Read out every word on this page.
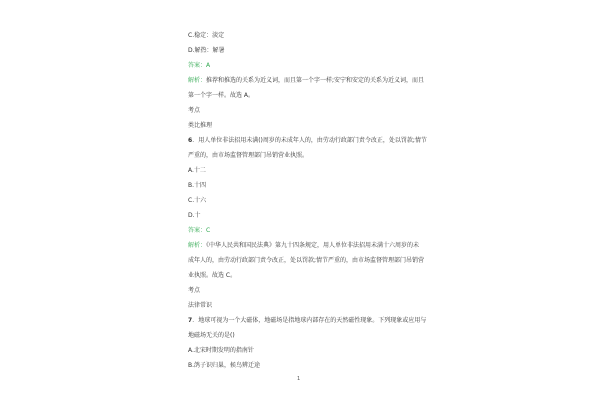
C.稳定：淡定
D.解热：解暑
答案：A
解析：推荐和推选的关系为近义词，而且第一个字一样;安宁和安定的关系为近义词，而且
第一个字一样。故选 A。
考点
类比推理
6．用人单位非法招用未满()周岁的未成年人的，由劳动行政部门责令改正，处以罚款;情节
严重的，由市场监督管理部门吊销营业执照。
A.十二
B.十四
C.十六
D.十
答案：C
解析：《中华人民共和国民法典》第九十四条规定，用人单位非法招用未满十六周岁的未
成年人的，由劳动行政部门责令改正，处以罚款;情节严重的，由市场监督管理部门吊销营
业执照。故选 C。
考点
法律常识
7．地球可视为一个大磁体，地磁场是指地球内部存在的天然磁性现象。下列现象或应用与
地磁场无关的是()
A.北宋时期发明的指南针
B.鸽子识归巢，候鸟辨迁途
1
